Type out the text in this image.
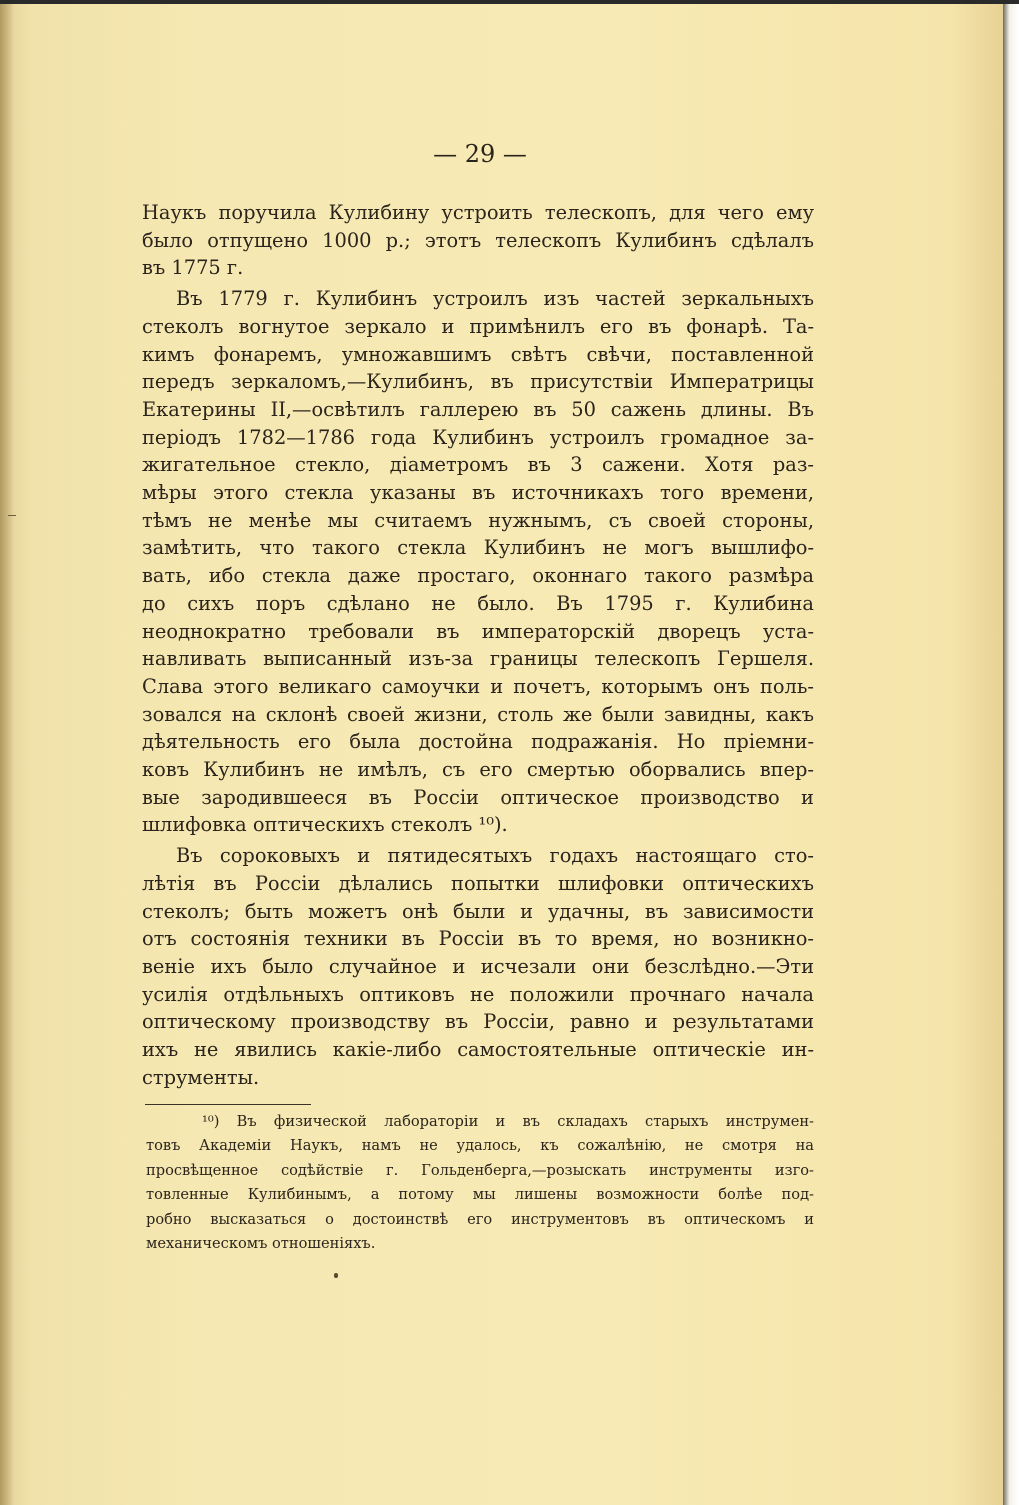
— 29 —
Наукъ поручила Кулибину устроить телескопъ, для чего ему
было отпущено 1000 р.; этотъ телескопъ Кулибинъ сдѣлалъ
въ 1775 г.
Въ 1779 г. Кулибинъ устроилъ изъ частей зеркальныхъ
стеколъ вогнутое зеркало и примѣнилъ его въ фонарѣ. Та-
кимъ фонаремъ, умножавшимъ свѣтъ свѣчи, поставленной
передъ зеркаломъ,—Кулибинъ, въ присутствіи Императрицы
Екатерины II,—освѣтилъ галлерею въ 50 сажень длины. Въ
періодъ 1782—1786 года Кулибинъ устроилъ громадное за-
жигательное стекло, діаметромъ въ 3 сажени. Хотя раз-
мѣры этого стекла указаны въ источникахъ того времени,
тѣмъ не менѣе мы считаемъ нужнымъ, съ своей стороны,
замѣтить, что такого стекла Кулибинъ не могъ вышлифо-
вать, ибо стекла даже простаго, оконнаго такого размѣра
до сихъ поръ сдѣлано не было. Въ 1795 г. Кулибина
неоднократно требовали въ императорскій дворецъ уста-
навливать выписанный изъ-за границы телескопъ Гершеля.
Слава этого великаго самоучки и почетъ, которымъ онъ поль-
зовался на склонѣ своей жизни, столь же были завидны, какъ
дѣятельность его была достойна подражанія. Но пріемни-
ковъ Кулибинъ не имѣлъ, съ его смертью оборвались впер-
вые зародившееся въ Россіи оптическое производство и
шлифовка оптическихъ стеколъ ¹⁰).
Въ сороковыхъ и пятидесятыхъ годахъ настоящаго сто-
лѣтія въ Россіи дѣлались попытки шлифовки оптическихъ
стеколъ; быть можетъ онѣ были и удачны, въ зависимости
отъ состоянія техники въ Россіи въ то время, но возникно-
веніе ихъ было случайное и исчезали они безслѣдно.—Эти
усилія отдѣльныхъ оптиковъ не положили прочнаго начала
оптическому производству въ Россіи, равно и результатами
ихъ не явились какіе-либо самостоятельные оптическіе ин-
струменты.
¹⁰) Въ физической лабораторіи и въ складахъ старыхъ инструмен-
товъ Академіи Наукъ, намъ не удалось, къ сожалѣнію, не смотря на
просвѣщенное содѣйствіе г. Гольденберга,—розыскать инструменты изго-
товленные Кулибинымъ, а потому мы лишены возможности болѣе под-
робно высказаться о достоинствѣ его инструментовъ въ оптическомъ и
механическомъ отношеніяхъ.
